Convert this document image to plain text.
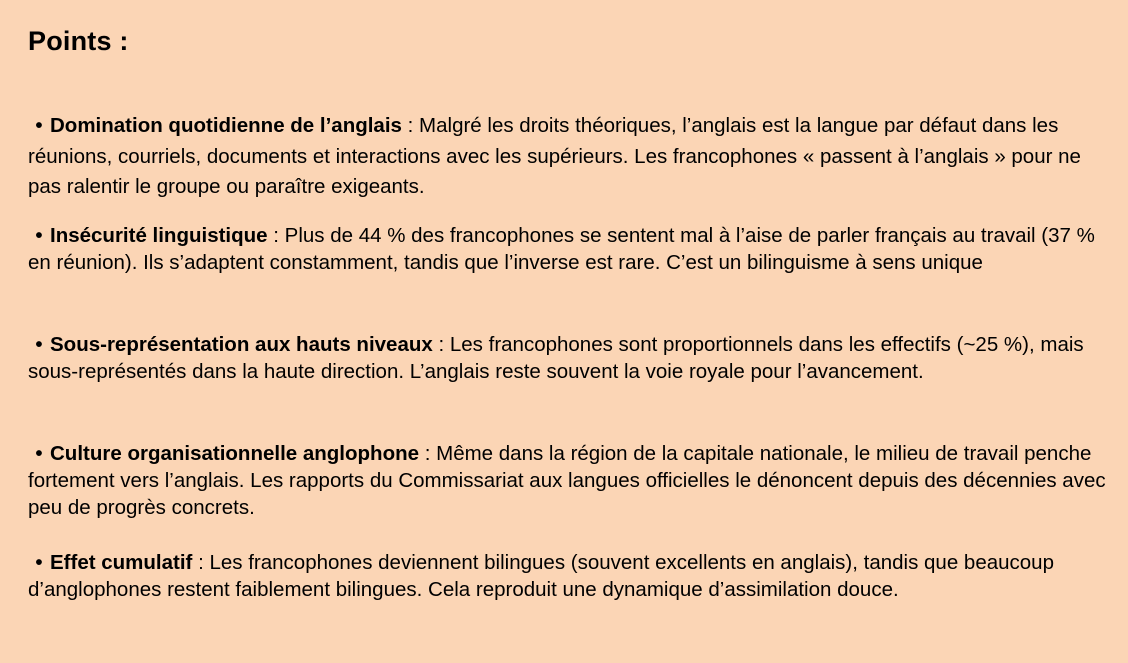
Points :

• Domination quotidienne de l’anglais : Malgré les droits théoriques, l’anglais est la langue par défaut dans les réunions, courriels, documents et interactions avec les supérieurs. Les francophones « passent à l’anglais » pour ne pas ralentir le groupe ou paraître exigeants.

• Insécurité linguistique : Plus de 44 % des francophones se sentent mal à l’aise de parler français au travail (37 % en réunion). Ils s’adaptent constamment, tandis que l’inverse est rare. C’est un bilinguisme à sens unique

• Sous-représentation aux hauts niveaux : Les francophones sont proportionnels dans les effectifs (~25 %), mais sous-représentés dans la haute direction. L’anglais reste souvent la voie royale pour l’avancement.

• Culture organisationnelle anglophone : Même dans la région de la capitale nationale, le milieu de travail penche fortement vers l’anglais. Les rapports du Commissariat aux langues officielles le dénoncent depuis des décennies avec peu de progrès concrets.

• Effet cumulatif : Les francophones deviennent bilingues (souvent excellents en anglais), tandis que beaucoup d’anglophones restent faiblement bilingues. Cela reproduit une dynamique d’assimilation douce.
